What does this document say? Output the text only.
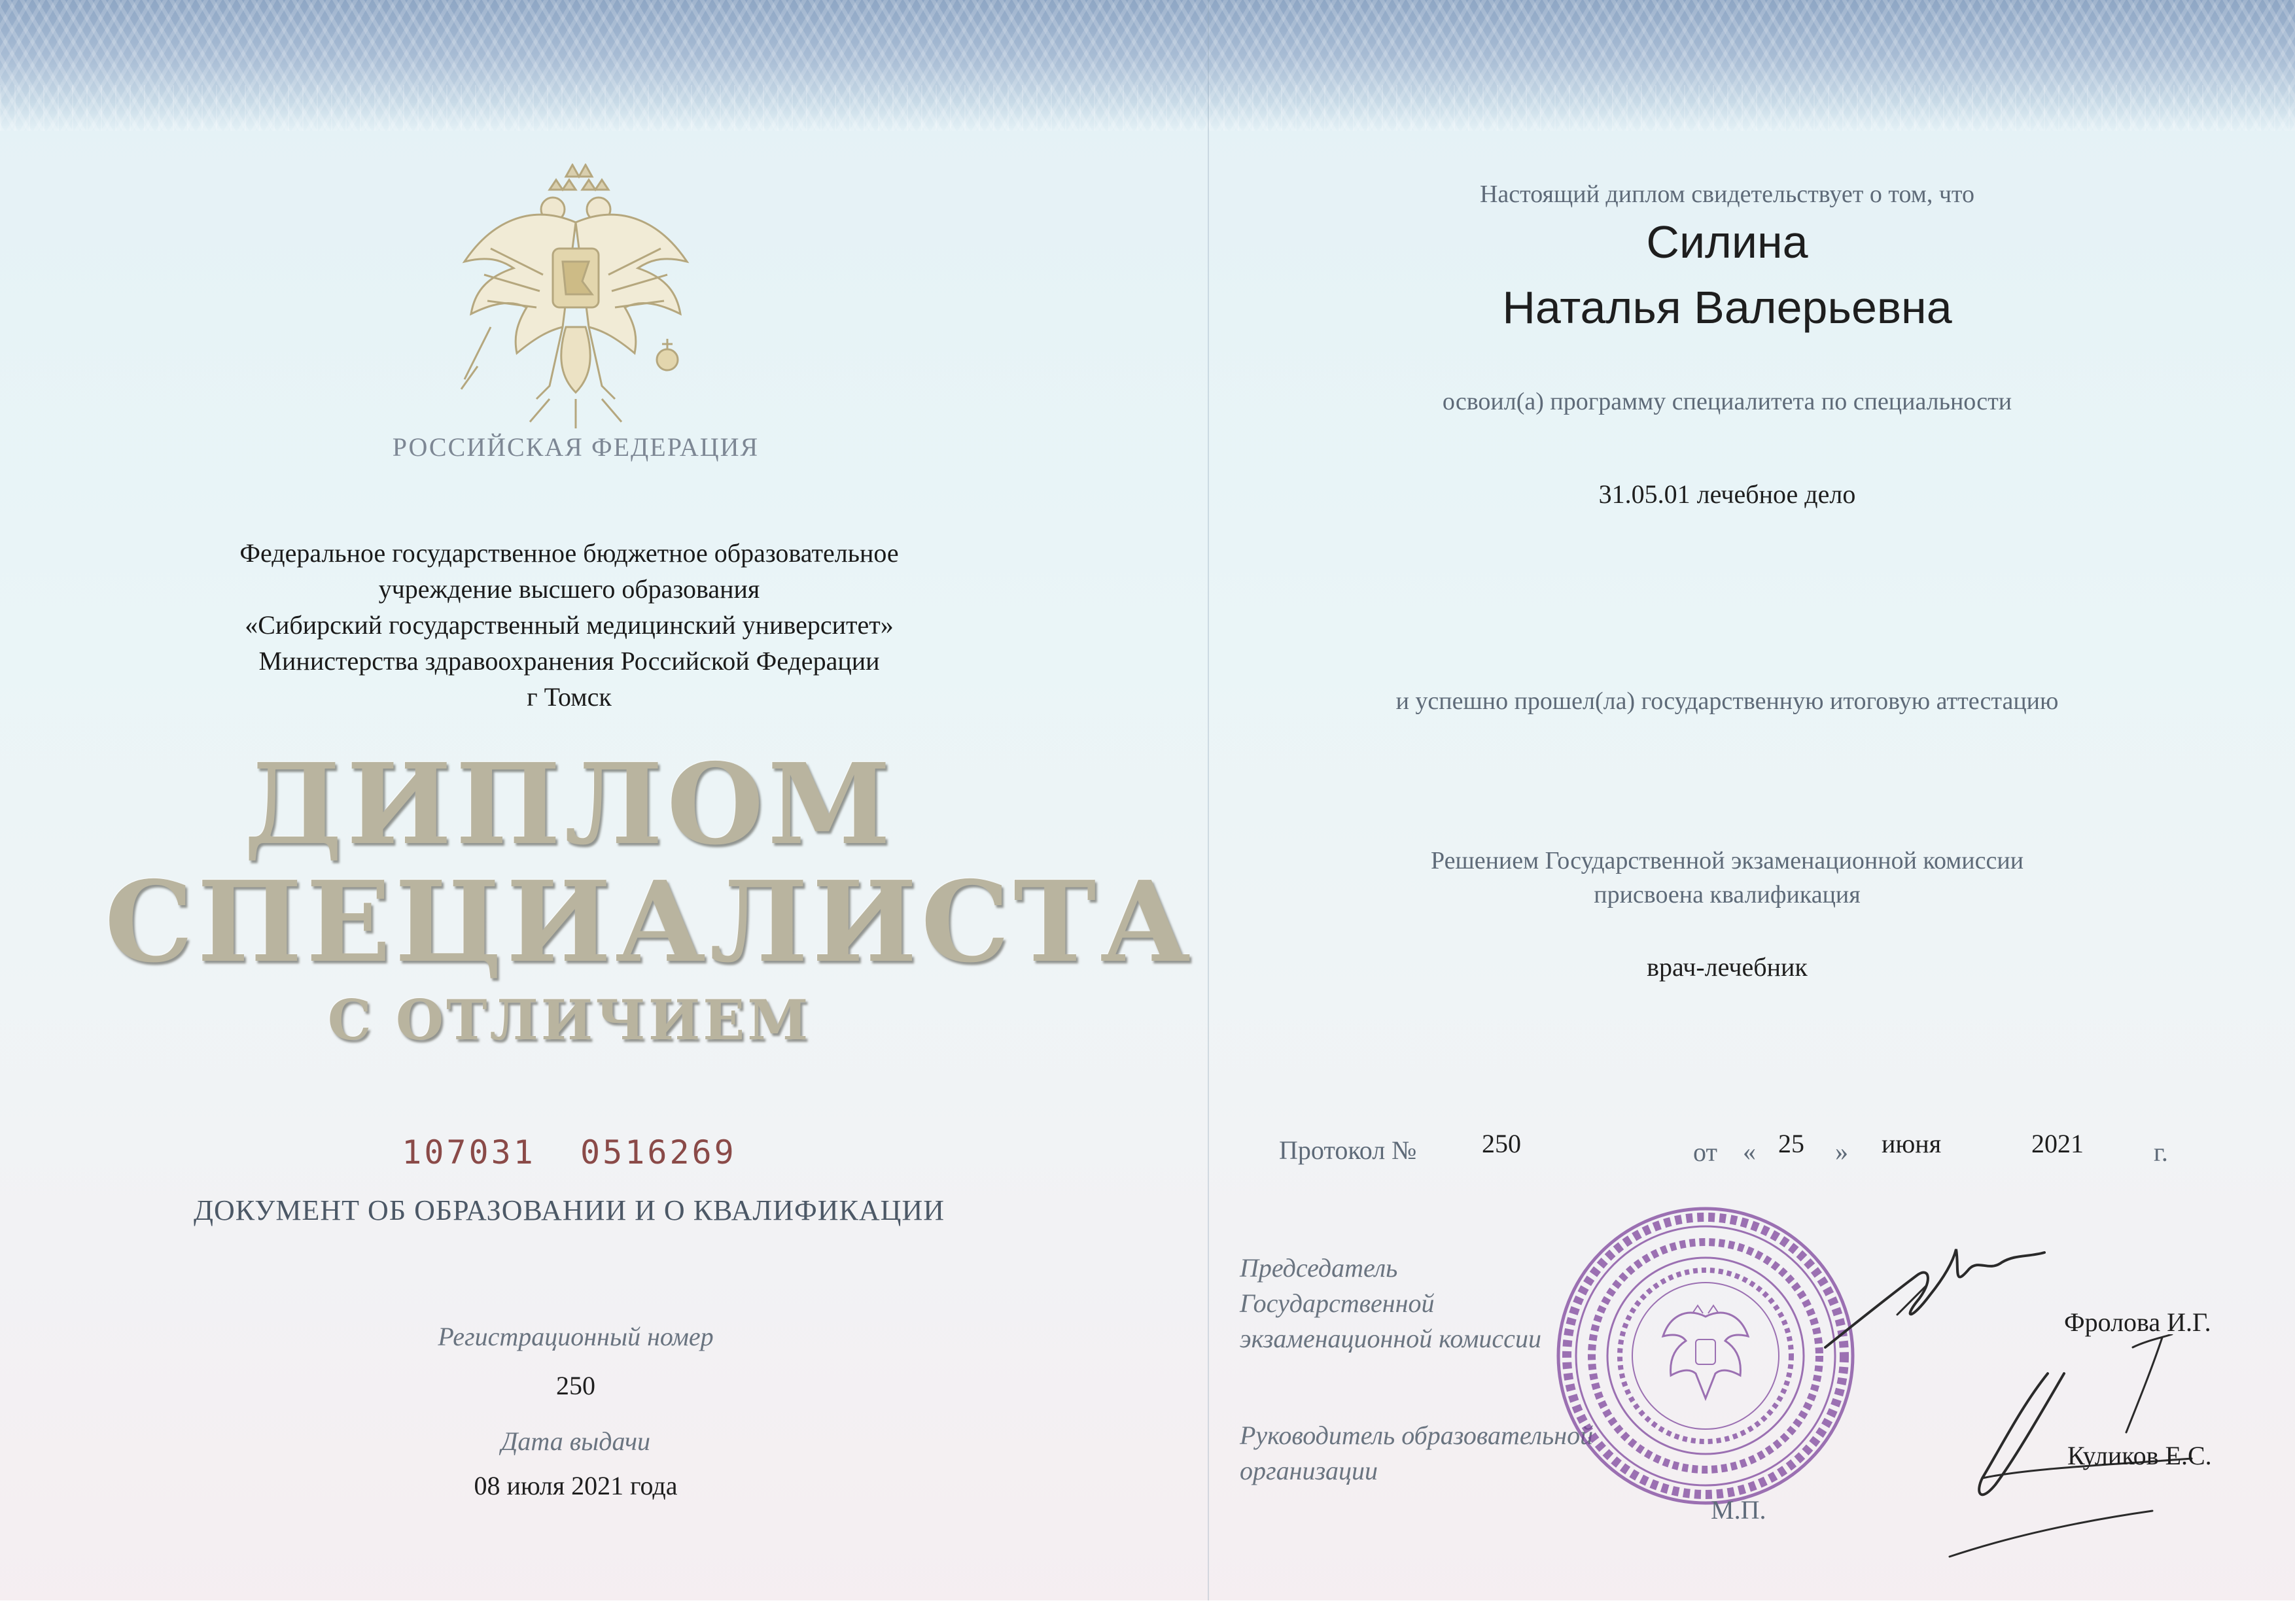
РОССИЙСКАЯ ФЕДЕРАЦИЯ
Федеральное государственное бюджетное образовательное
учреждение высшего образования
«Сибирский государственный медицинский университет»
Министерства здравоохранения Российской Федерации
г Томск
ДИПЛОМ
СПЕЦИАЛИСТА
С ОТЛИЧИЕМ
107031  0516269
ДОКУМЕНТ ОБ ОБРАЗОВАНИИ И О КВАЛИФИКАЦИИ
Регистрационный номер
250
Дата выдачи
08 июля 2021 года
Настоящий диплом свидетельствует о том, что
Силина
Наталья Валерьевна
освоил(а) программу специалитета по специальности
31.05.01 лечебное дело
и успешно прошел(ла) государственную итоговую аттестацию
Решением Государственной экзаменационной комиссии
присвоена квалификация
врач-лечебник
Протокол № 250	от « 25 » июня	2021	г.
Председатель
Государственной
экзаменационной комиссии
Руководитель образовательной
организации
М.П.
Фролова И.Г.
Куликов Е.С.
